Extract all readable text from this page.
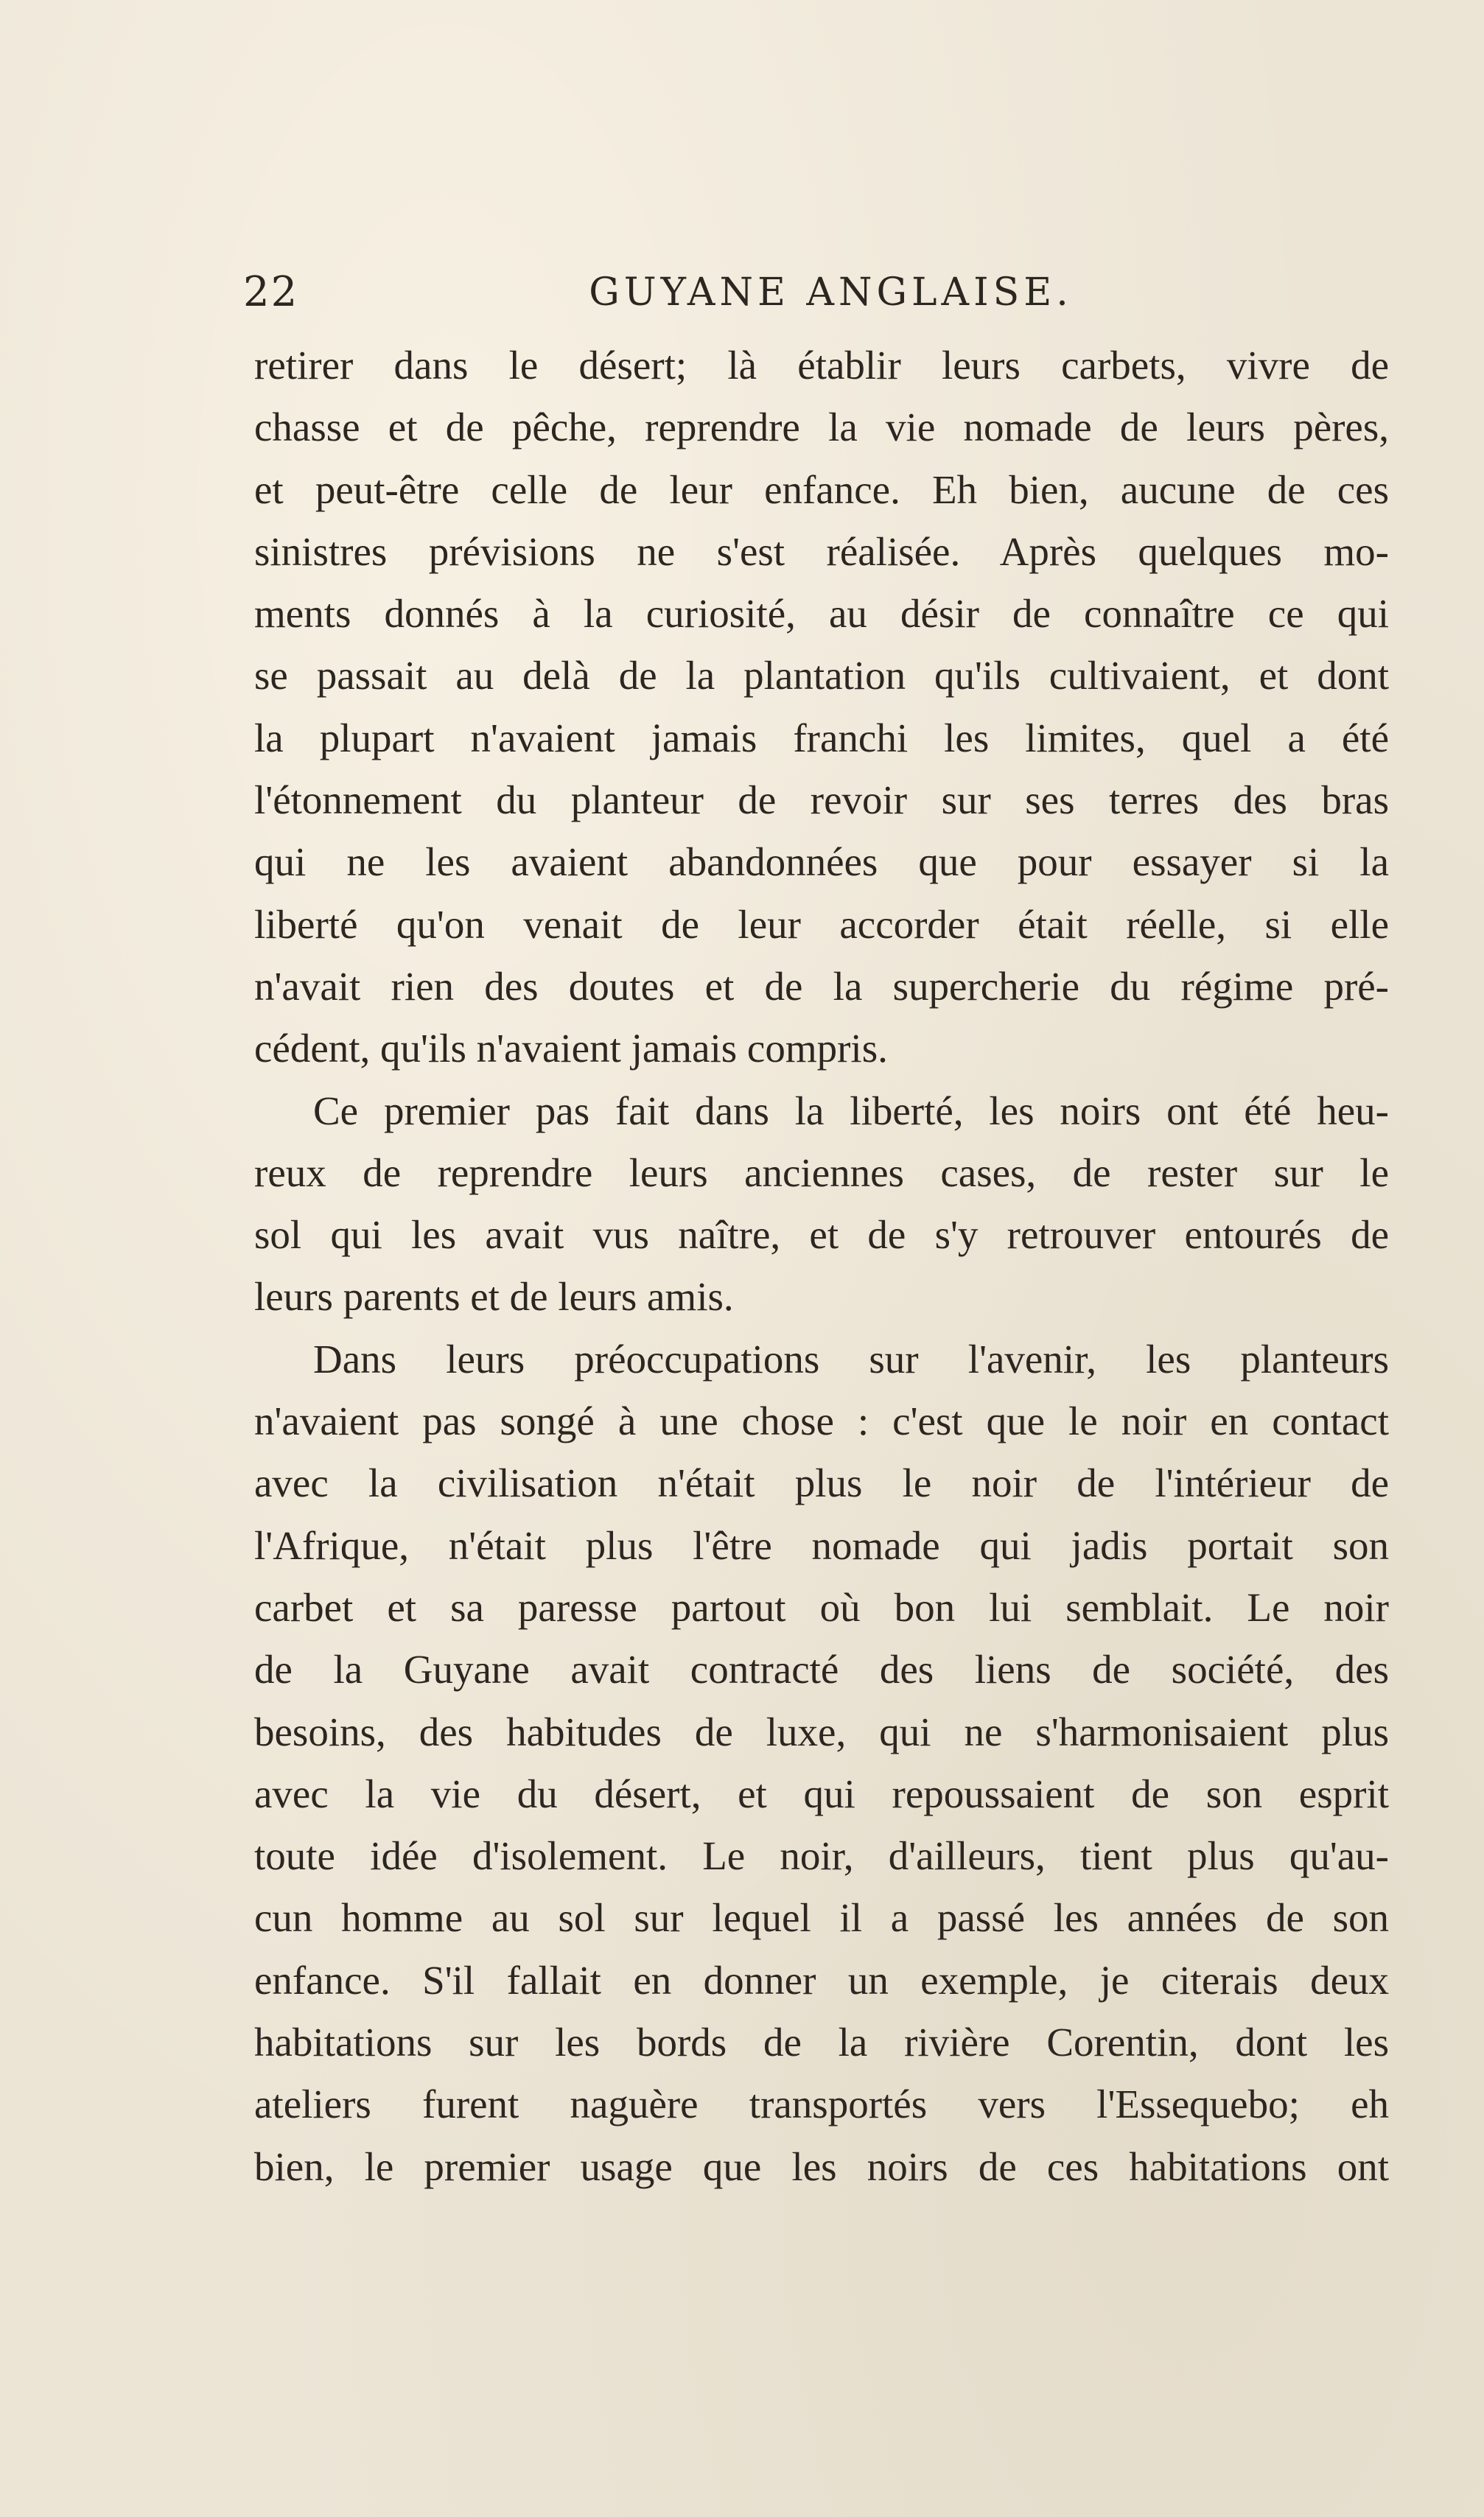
22	GUYANE ANGLAISE.
retirer dans le désert; là établir leurs carbets, vivre de
chasse et de pêche, reprendre la vie nomade de leurs pères,
et peut-être celle de leur enfance. Eh bien, aucune de ces
sinistres prévisions ne s'est réalisée. Après quelques mo-
ments donnés à la curiosité, au désir de connaître ce qui
se passait au delà de la plantation qu'ils cultivaient, et dont
la plupart n'avaient jamais franchi les limites, quel a été
l'étonnement du planteur de revoir sur ses terres des bras
qui ne les avaient abandonnées que pour essayer si la
liberté qu'on venait de leur accorder était réelle, si elle
n'avait rien des doutes et de la supercherie du régime pré-
cédent, qu'ils n'avaient jamais compris.
Ce premier pas fait dans la liberté, les noirs ont été heu-
reux de reprendre leurs anciennes cases, de rester sur le
sol qui les avait vus naître, et de s'y retrouver entourés de
leurs parents et de leurs amis.
Dans leurs préoccupations sur l'avenir, les planteurs
n'avaient pas songé à une chose : c'est que le noir en contact
avec la civilisation n'était plus le noir de l'intérieur de
l'Afrique, n'était plus l'être nomade qui jadis portait son
carbet et sa paresse partout où bon lui semblait. Le noir
de la Guyane avait contracté des liens de société, des
besoins, des habitudes de luxe, qui ne s'harmonisaient plus
avec la vie du désert, et qui repoussaient de son esprit
toute idée d'isolement. Le noir, d'ailleurs, tient plus qu'au-
cun homme au sol sur lequel il a passé les années de son
enfance. S'il fallait en donner un exemple, je citerais deux
habitations sur les bords de la rivière Corentin, dont les
ateliers furent naguère transportés vers l'Essequebo; eh
bien, le premier usage que les noirs de ces habitations ont
